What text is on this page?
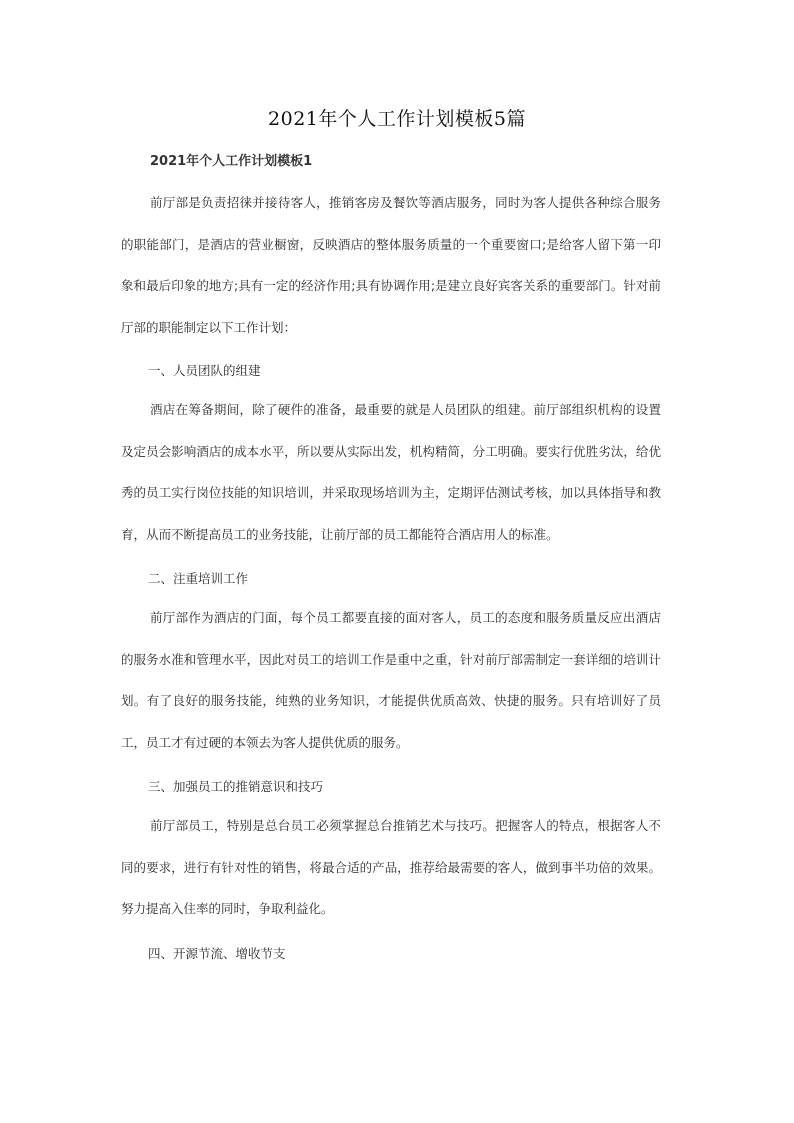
2021年个人工作计划模板5篇
2021年个人工作计划模板1

前厅部是负责招徕并接待客人，推销客房及餐饮等酒店服务，同时为客人提供各种综合服务的职能部门，是酒店的营业橱窗，反映酒店的整体服务质量的一个重要窗口;是给客人留下第一印象和最后印象的地方;具有一定的经济作用;具有协调作用;是建立良好宾客关系的重要部门。针对前厅部的职能制定以下工作计划：

一、人员团队的组建

酒店在筹备期间，除了硬件的准备，最重要的就是人员团队的组建。前厅部组织机构的设置及定员会影响酒店的成本水平，所以要从实际出发，机构精简，分工明确。要实行优胜劣汰，给优秀的员工实行岗位技能的知识培训，并采取现场培训为主，定期评估测试考核，加以具体指导和教育，从而不断提高员工的业务技能，让前厅部的员工都能符合酒店用人的标准。

二、注重培训工作

前厅部作为酒店的门面，每个员工都要直接的面对客人，员工的态度和服务质量反应出酒店的服务水准和管理水平，因此对员工的培训工作是重中之重，针对前厅部需制定一套详细的培训计划。有了良好的服务技能，纯熟的业务知识，才能提供优质高效、快捷的服务。只有培训好了员工，员工才有过硬的本领去为客人提供优质的服务。

三、加强员工的推销意识和技巧

前厅部员工，特别是总台员工必须掌握总台推销艺术与技巧。把握客人的特点，根据客人不同的要求，进行有针对性的销售，将最合适的产品，推荐给最需要的客人，做到事半功倍的效果。努力提高入住率的同时，争取利益化。

四、开源节流、增收节支
